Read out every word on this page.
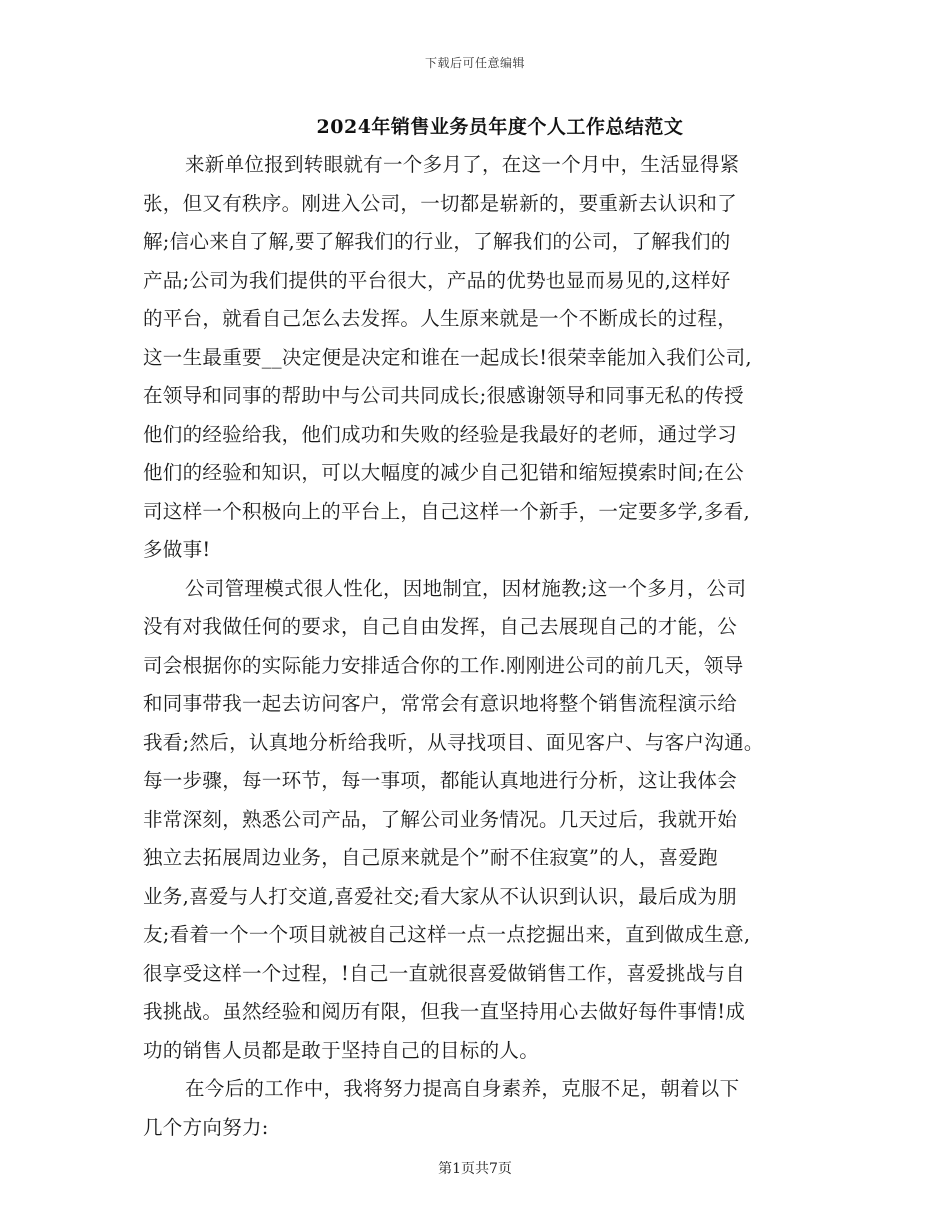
下载后可任意编辑
2024年销售业务员年度个人工作总结范文
来新单位报到转眼就有一个多月了，在这一个月中，生活显得紧
张，但又有秩序。刚进入公司，一切都是崭新的，要重新去认识和了
解;信心来自了解,要了解我们的行业，了解我们的公司，了解我们的
产品;公司为我们提供的平台很大，产品的优势也显而易见的,这样好
的平台，就看自己怎么去发挥。人生原来就是一个不断成长的过程，
这一生最重要__决定便是决定和谁在一起成长!很荣幸能加入我们公司,
在领导和同事的帮助中与公司共同成长;很感谢领导和同事无私的传授
他们的经验给我，他们成功和失败的经验是我最好的老师，通过学习
他们的经验和知识，可以大幅度的减少自己犯错和缩短摸索时间;在公
司这样一个积极向上的平台上，自己这样一个新手，一定要多学,多看,
多做事!
公司管理模式很人性化，因地制宜，因材施教;这一个多月，公司
没有对我做任何的要求，自己自由发挥，自己去展现自己的才能，公
司会根据你的实际能力安排适合你的工作.刚刚进公司的前几天，领导
和同事带我一起去访问客户，常常会有意识地将整个销售流程演示给
我看;然后，认真地分析给我听，从寻找项目、面见客户、与客户沟通。
每一步骤，每一环节，每一事项，都能认真地进行分析，这让我体会
非常深刻，熟悉公司产品，了解公司业务情况。几天过后，我就开始
独立去拓展周边业务，自己原来就是个”耐不住寂寞”的人，喜爱跑
业务,喜爱与人打交道,喜爱社交;看大家从不认识到认识，最后成为朋
友;看着一个一个项目就被自己这样一点一点挖掘出来，直到做成生意,
很享受这样一个过程，!自己一直就很喜爱做销售工作，喜爱挑战与自
我挑战。虽然经验和阅历有限，但我一直坚持用心去做好每件事情!成
功的销售人员都是敢于坚持自己的目标的人。
在今后的工作中，我将努力提高自身素养，克服不足，朝着以下
几个方向努力:
第1页共7页
